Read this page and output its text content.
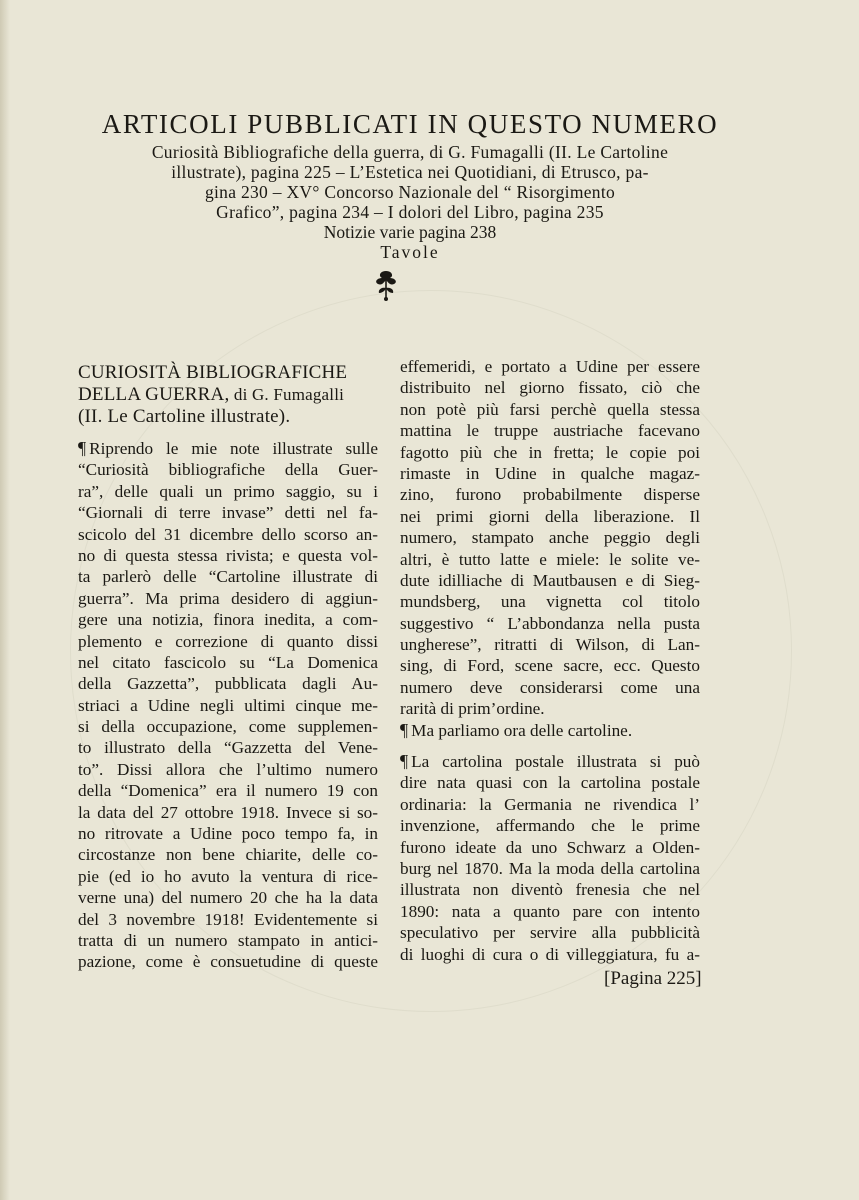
ARTICOLI PUBBLICATI IN QUESTO NUMERO
Curiosità Bibliografiche della guerra, di G. Fumagalli (II. Le Cartoline
illustrate), pagina 225 – L’Estetica nei Quotidiani, di Etrusco, pa-
gina 230 – XV° Concorso Nazionale del “ Risorgimento
Grafico”, pagina 234 – I dolori del Libro, pagina 235
Notizie varie pagina 238
Tavole
CURIOSITÀ BIBLIOGRAFICHE
DELLA GUERRA, di G. Fumagalli
(II. Le Cartoline illustrate).
¶ Riprendo le mie note illustrate sulle
“Curiosità bibliografiche della Guer-
ra”, delle quali un primo saggio, su i
“Giornali di terre invase” detti nel fa-
scicolo del 31 dicembre dello scorso an-
no di questa stessa rivista; e questa vol-
ta parlerò delle “Cartoline illustrate di
guerra”. Ma prima desidero di aggiun-
gere una notizia, finora inedita, a com-
plemento e correzione di quanto dissi
nel citato fascicolo su “La Domenica
della Gazzetta”, pubblicata dagli Au-
striaci a Udine negli ultimi cinque me-
si della occupazione, come supplemen-
to illustrato della “Gazzetta del Vene-
to”. Dissi allora che l’ultimo numero
della “Domenica” era il numero 19 con
la data del 27 ottobre 1918. Invece si so-
no ritrovate a Udine poco tempo fa, in
circostanze non bene chiarite, delle co-
pie (ed io ho avuto la ventura di rice-
verne una) del numero 20 che ha la data
del 3 novembre 1918! Evidentemente si
tratta di un numero stampato in antici-
pazione, come è consuetudine di queste
effemeridi, e portato a Udine per essere
distribuito nel giorno fissato, ciò che
non potè più farsi perchè quella stessa
mattina le truppe austriache facevano
fagotto più che in fretta; le copie poi
rimaste in Udine in qualche magaz-
zino, furono probabilmente disperse
nei primi giorni della liberazione. Il
numero, stampato anche peggio degli
altri, è tutto latte e miele: le solite ve-
dute idilliache di Mautbausen e di Sieg-
mundsberg, una vignetta col titolo
suggestivo “ L’abbondanza nella pusta
ungherese”, ritratti di Wilson, di Lan-
sing, di Ford, scene sacre, ecc. Questo
numero deve considerarsi come una
rarità di prim’ordine.
¶ Ma parliamo ora delle cartoline.
¶ La cartolina postale illustrata si può
dire nata quasi con la cartolina postale
ordinaria: la Germania ne rivendica l’
invenzione, affermando che le prime
furono ideate da uno Schwarz a Olden-
burg nel 1870. Ma la moda della cartolina
illustrata non diventò frenesia che nel
1890: nata a quanto pare con intento
speculativo per servire alla pubblicità
di luoghi di cura o di villeggiatura, fu a-
[Pagina 225]
